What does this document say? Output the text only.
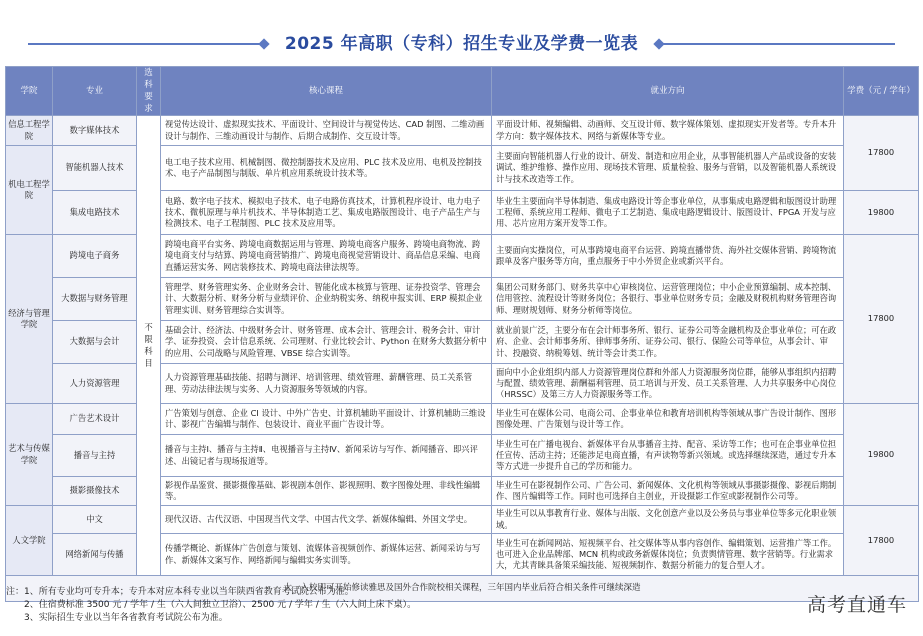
2025 年高职（专科）招生专业及学费一览表
学院	专业	选科要求	核心课程	就业方向	学费（元 / 学年）
信息工程学院	数字媒体技术	不限科目	视觉传达设计、虚拟现实技术、平面设计、空间设计与视觉传达、CAD 制图、二维动画设计与制作、三维动画设计与制作、后期合成制作、交互设计等。	平面设计师、视频编辑、动画师、交互设计师、数字媒体策划、虚拟现实开发者等。专升本升学方向：数字媒体技术、网络与新媒体等专业。	17800
机电工程学院	智能机器人技术		电工电子技术应用、机械制图、微控制器技术及应用、PLC 技术及应用、电机及控制技术、电子产品制图与制版、单片机应用系统设计技术等。	主要面向智能机器人行业的设计、研发、制造和应用企业，从事智能机器人产品或设备的安装调试、维护维修、操作应用、现场技术管理、质量检验、服务与营销，以及智能机器人系统设计与技术改造等工作。	
	集成电路技术		电路、数字电子技术、模拟电子技术、电子电路仿真技术，计算机程序设计、电力电子技术、微机原理与单片机技术、半导体制造工艺、集成电路版图设计、电子产品生产与检测技术、电子工程制图、PLC 技术及应用等。	毕业生主要面向半导体制造、集成电路设计等企事业单位，从事集成电路逻辑和版图设计助理工程师、系统应用工程师、微电子工艺制造、集成电路逻辑设计、版图设计、FPGA 开发与应用、芯片应用方案开发等工作。	19800
经济与管理学院	跨境电子商务		跨境电商平台实务、跨境电商数据运用与管理、跨境电商客户服务、跨境电商物流、跨境电商支付与结算、跨境电商营销推广、跨境电商视觉营销设计、商品信息采编、电商直播运营实务、网店装修技术、跨境电商法律法规等。	主要面向实操岗位，可从事跨境电商平台运营、跨境直播带货、海外社交媒体营销、跨境物流跟单及客户服务等方向，重点服务于中小外贸企业或新兴平台。	17800
	大数据与财务管理		管理学、财务管理实务、企业财务会计、智能化成本核算与管理、证券投资学、管理会计、大数据分析、财务分析与业绩评价、企业纳税实务、纳税申报实训、ERP 模拟企业管理实训、财务管理综合实训等。	集团公司财务部门、财务共享中心审核岗位、运营管理岗位；中小企业预算编制、成本控制、信用管控、流程设计等财务岗位；各银行、事业单位财务专员；金融及财税机构财务管理咨询师、理财规划师、财务分析师等岗位。	
	大数据与会计		基础会计、经济法、中级财务会计、财务管理、成本会计、管理会计、税务会计、审计学、证券投资、会计信息系统、公司理财、行业比较会计、Python 在财务大数据分析中的应用、公司战略与风险管理、VBSE 综合实训等。	就业前景广泛，主要分布在会计师事务所、银行、证券公司等金融机构及企事业单位；可在政府、企业、会计师事务所、律师事务所、证券公司、银行、保险公司等单位，从事会计、审计、投融资、纳税筹划、统计等会计类工作。	
	人力资源管理		人力资源管理基础技能、招聘与测评、培训管理、绩效管理、薪酬管理、员工关系管理、劳动法律法规与实务、人力资源服务等领域的内容。	面向中小企业组织内部人力资源管理岗位群和外部人力资源服务岗位群，能够从事组织内招聘与配置、绩效管理、薪酬福利管理、员工培训与开发、员工关系管理、人力共享服务中心岗位（HRSSC）及第三方人力资源服务等工作。	
艺术与传媒学院	广告艺术设计		广告策划与创意、企业 CI 设计、中外广告史、计算机辅助平面设计、计算机辅助三维设计、影视广告编辑与制作、包装设计、商业平面广告设计等。	毕业生可在媒体公司、电商公司、企事业单位和教育培训机构等领域从事广告设计制作、图形图像处理、广告策划与设计等工作。	19800
	播音与主持		播音与主持Ⅰ、播音与主持Ⅱ、电视播音与主持Ⅳ、新闻采访与写作、新闻播音、即兴评述、出镜记者与现场报道等。	毕业生可在广播电视台、新媒体平台从事播音主持、配音、采访等工作；也可在企事业单位担任宣传、活动主持；还能涉足电商直播，有声读物等新兴领域。或选择继续深造，通过专升本等方式进一步提升自己的学历和能力。	
	摄影摄像技术		影视作品鉴赏、摄影摄像基础、影视剧本创作、影视照明、数字图像处理、非线性编辑等。	毕业生可在影视制作公司、广告公司、新闻媒体、文化机构等领域从事摄影摄像、影视后期制作、图片编辑等工作。同时也可选择自主创业，开设摄影工作室或影视制作公司等。	
人文学院	中文		现代汉语、古代汉语、中国现当代文学、中国古代文学、新媒体编辑、外国文学史。	毕业生可以从事教育行业、媒体与出版、文化创意产业以及公务员与事业单位等多元化职业领域。	17800
	网络新闻与传播		传播学概论、新媒体广告创意与策划、流媒体音视频创作、新媒体运营、新闻采访与写作、新媒体文案写作、网络新闻与编辑实务实训等。	毕业生可在新闻网站、短视频平台、社交媒体等从事内容创作、编辑策划、运营推广等工作。也可进入企业品牌部、MCN 机构或政务新媒体岗位；负责舆情管理、数字营销等。行业需求大，尤其青睐具备策采编技能、短视频制作、数据分析能力的复合型人才。	
大一入校即可开始修读雅思及国外合作院校相关课程，三年国内毕业后符合相关条件可继续深造					
注： 1、所有专业均可专升本；专升本对应本科专业以当年陕西省教育考试院公布为准。
2、住宿费标准 3500 元 / 学年 / 生（六人间独立卫浴）、2500 元 / 学年 / 生（六人间上床下桌）。
3、实际招生专业以当年各省教育考试院公布为准。
高考直通车
